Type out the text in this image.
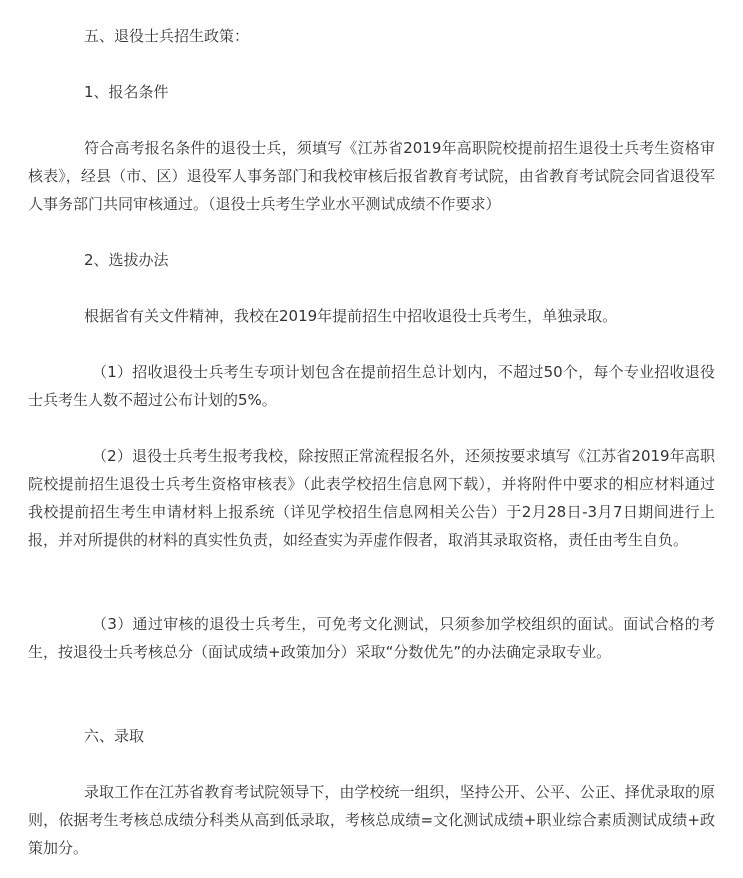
五、退役士兵招生政策：

1、报名条件

符合高考报名条件的退役士兵，须填写《江苏省2019年高职院校提前招生退役士兵考生资格审核表》，经县（市、区）退役军人事务部门和我校审核后报省教育考试院，由省教育考试院会同省退役军人事务部门共同审核通过。（退役士兵考生学业水平测试成绩不作要求）

2、选拔办法

根据省有关文件精神，我校在2019年提前招生中招收退役士兵考生，单独录取。

（1）招收退役士兵考生专项计划包含在提前招生总计划内，不超过50个，每个专业招收退役士兵考生人数不超过公布计划的5%。

（2）退役士兵考生报考我校，除按照正常流程报名外，还须按要求填写《江苏省2019年高职院校提前招生退役士兵考生资格审核表》（此表学校招生信息网下载），并将附件中要求的相应材料通过我校提前招生考生申请材料上报系统（详见学校招生信息网相关公告）于2月28日-3月7日期间进行上报，并对所提供的材料的真实性负责，如经查实为弄虚作假者，取消其录取资格，责任由考生自负。

（3）通过审核的退役士兵考生，可免考文化测试，只须参加学校组织的面试。面试合格的考生，按退役士兵考核总分（面试成绩+政策加分）采取“分数优先”的办法确定录取专业。

六、录取

录取工作在江苏省教育考试院领导下，由学校统一组织，坚持公开、公平、公正、择优录取的原则，依据考生考核总成绩分科类从高到低录取，考核总成绩=文化测试成绩+职业综合素质测试成绩+政策加分。
